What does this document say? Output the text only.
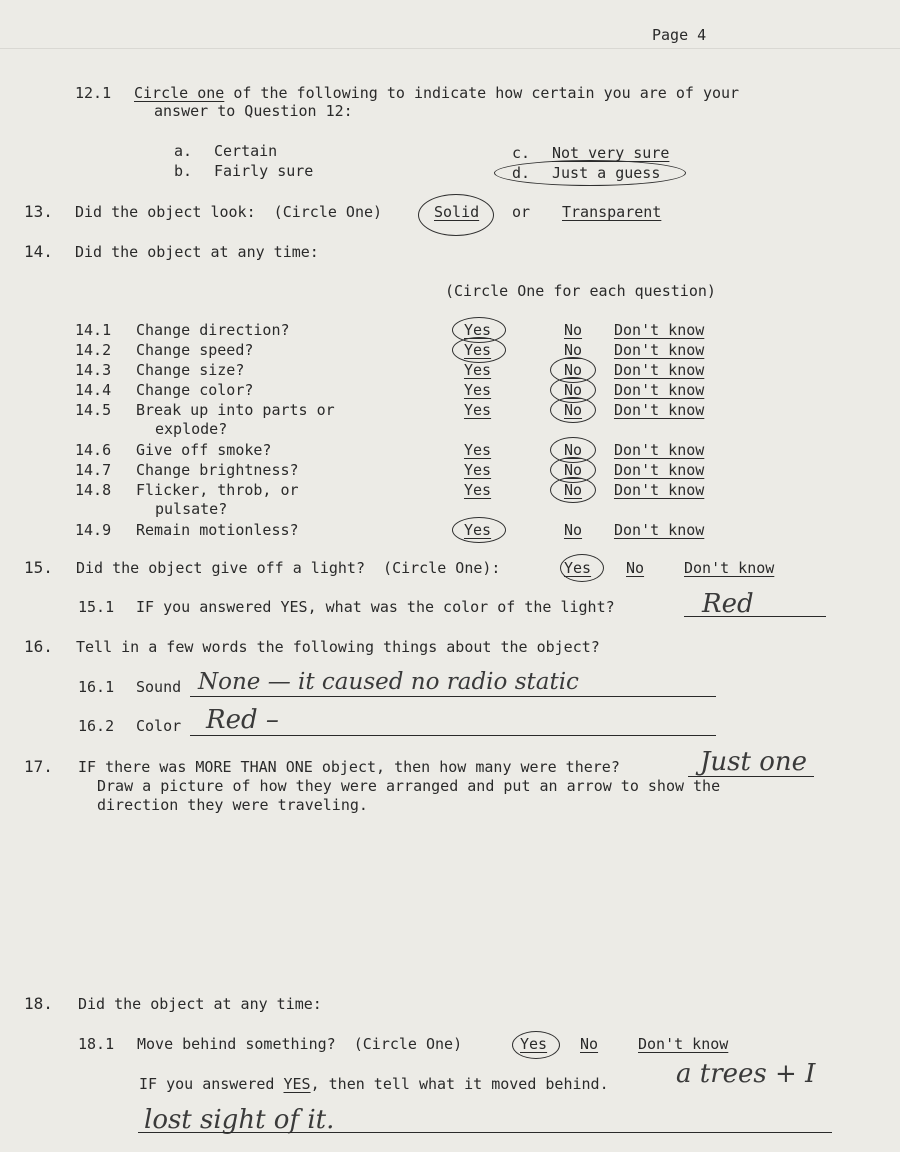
Page 4
12.1 Circle one of the following to indicate how certain you are of your
answer to Question 12:
a. Certain
b. Fairly sure
c. Not very sure
d. Just a guess
13. Did the object look:  (Circle One)	Solid or Transparent
14. Did the object at any time:
(Circle One for each question)
14.1 Change direction?	Yes	No Don't know
14.2 Change speed?	Yes	No Don't know
14.3 Change size?	Yes	No Don't know
14.4 Change color?	Yes	No Don't know
14.5 Break up into parts or
explode?
Yes	No Don't know
14.6 Give off smoke?	Yes	No Don't know
14.7 Change brightness?	Yes	No Don't know
14.8 Flicker, throb, or
pulsate?
Yes	No Don't know
14.9 Remain motionless?	Yes	No Don't know
15. Did the object give off a light?  (Circle One):	Yes No	Don't know
15.1 IF you answered YES, what was the color of the light?	Red
16. Tell in a few words the following things about the object?
16.1 Sound None — it caused no radio static
16.2 Color Red –
17. IF there was MORE THAN ONE object, then how many were there?
Draw a picture of how they were arranged and put an arrow to show the
direction they were traveling.
Just one
18. Did the object at any time:
18.1 Move behind something?  (Circle One)	Yes No	Don't know
IF you answered YES, then tell what it moved behind.	a trees + I
lost sight of it.
